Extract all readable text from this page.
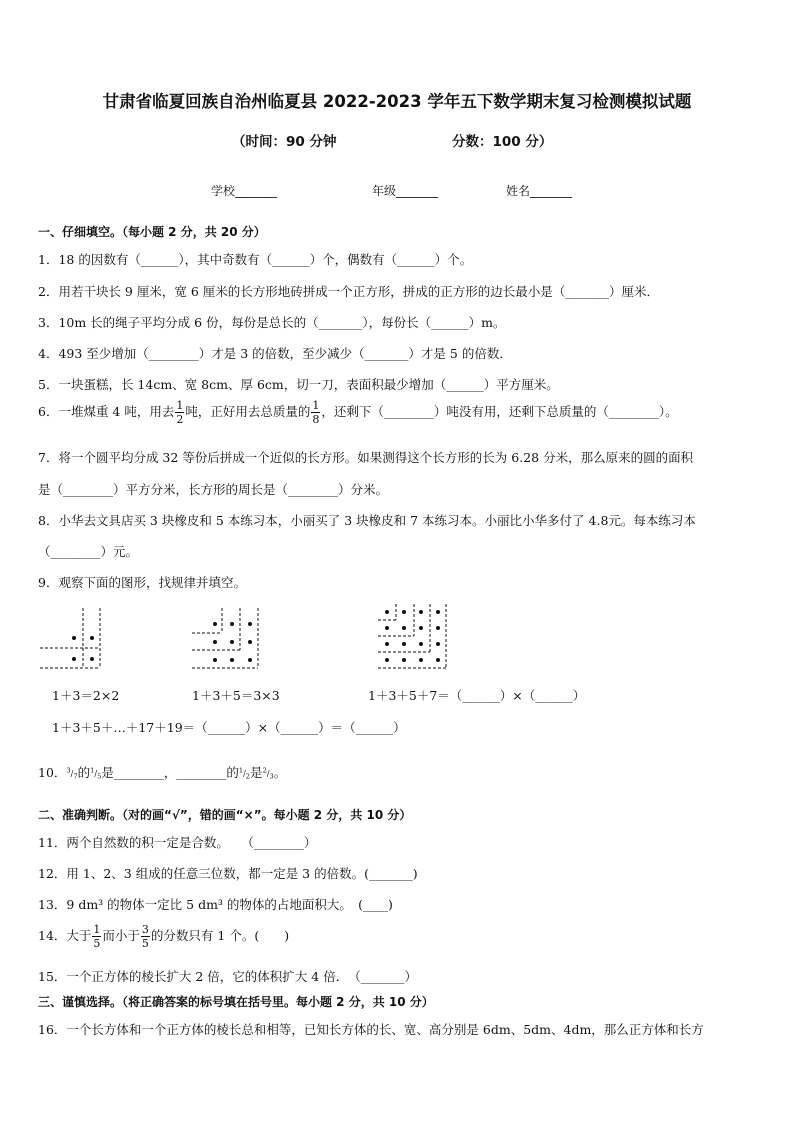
甘肃省临夏回族自治州临夏县 2022-2023 学年五下数学期末复习检测模拟试题
（时间：90 分钟	分数：100 分）
学校_______	年级_______	姓名_______
一、仔细填空。（每小题 2 分，共 20 分）
1．18 的因数有（______），其中奇数有（______）个，偶数有（______）个。
2．用若干块长 9 厘米，宽 6 厘米的长方形地砖拼成一个正方形，拼成的正方形的边长最小是（_______）厘米．
3．10m 长的绳子平均分成 6 份，每份是总长的（_______），每份长（______）m。
4．493 至少增加（________）才是 3 的倍数，至少减少（_______）才是 5 的倍数．
5．一块蛋糕，长 14cm、宽 8cm、厚 6cm，切一刀，表面积最少增加（______）平方厘米。
6．一堆煤重 4 吨，用去 $\frac{1}{2}$ 吨，正好用去总质量的 $\frac{1}{8}$ ，还剩下（________）吨没有用，还剩下总质量的（________）。
7．将一个圆平均分成 32 等份后拼成一个近似的长方形。如果测得这个长方形的长为 6.28 分米，那么原来的圆的面积
是（________）平方分米，长方形的周长是（________）分米。
8．小华去文具店买 3 块橡皮和 5 本练习本，小丽买了 3 块橡皮和 7 本练习本。小丽比小华多付了 4.8元。每本练习本
（________）元。
9．观察下面的图形，找规律并填空。
1＋3＝2×2	1＋3＋5＝3×3	1＋3＋5＋7＝（______）×（______）
1＋3＋5＋…＋17＋19＝（______）×（______）＝（______）
10．$^3/_7$的$^1/_5$是________，________的$^1/_2$是$^2/_3$。
二、准确判断。（对的画“√”，错的画“×”。每小题 2 分，共 10 分）
11．两个自然数的积一定是合数。　　（________）
12．用 1、2、3 组成的任意三位数，都一定是 3 的倍数。(_______)
13．9 dm³ 的物体一定比 5 dm³ 的物体的占地面积大。　(____)
14．大于 $\frac{1}{5}$ 而小于 $\frac{3}{5}$ 的分数只有 1 个。(　　)
15．一个正方体的棱长扩大 2 倍，它的体积扩大 4 倍．　（_______）
三、谨慎选择。（将正确答案的标号填在括号里。每小题 2 分，共 10 分）
16．一个长方体和一个正方体的棱长总和相等，已知长方体的长、宽、高分别是 6dm、5dm、4dm，那么正方体和长方
